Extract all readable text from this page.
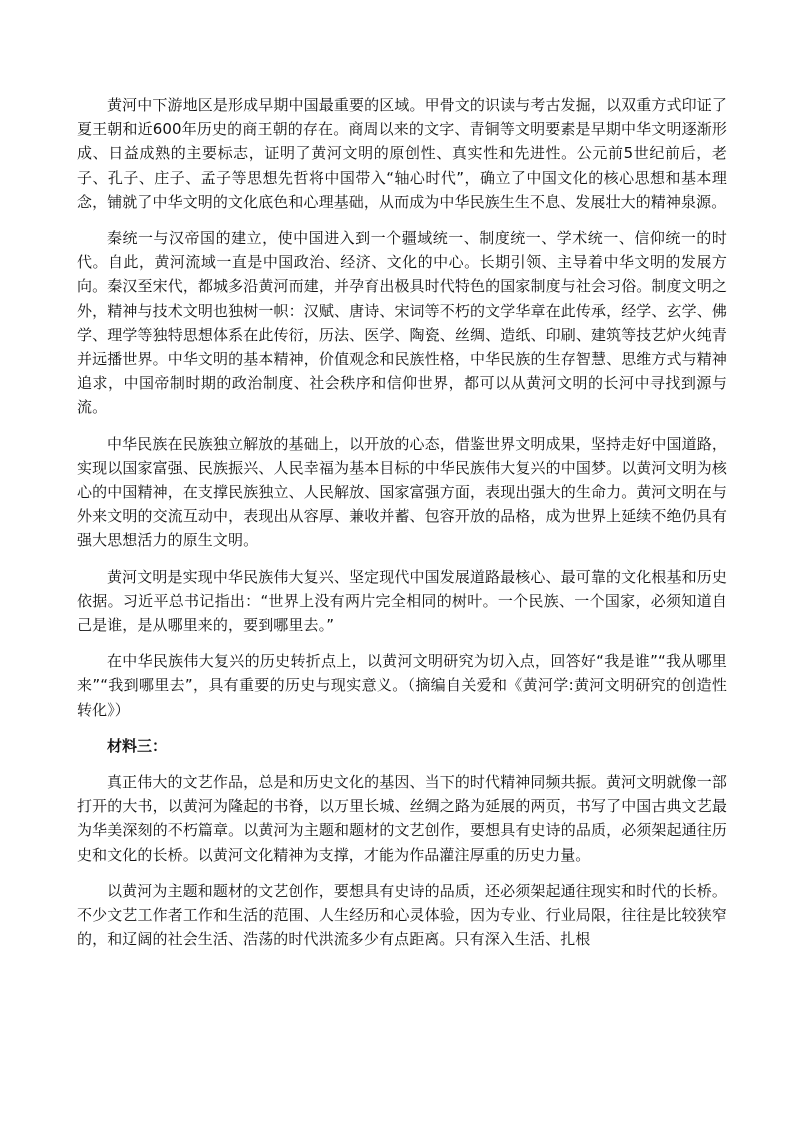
黄河中下游地区是形成早期中国最重要的区域。甲骨文的识读与考古发掘，以双重方式印证了夏王朝和近600年历史的商王朝的存在。商周以来的文字、青铜等文明要素是早期中华文明逐渐形成、日益成熟的主要标志，证明了黄河文明的原创性、真实性和先进性。公元前5世纪前后，老子、孔子、庄子、孟子等思想先哲将中国带入“轴心时代”，确立了中国文化的核心思想和基本理念，铺就了中华文明的文化底色和心理基础，从而成为中华民族生生不息、发展壮大的精神泉源。

秦统一与汉帝国的建立，使中国进入到一个疆域统一、制度统一、学术统一、信仰统一的时代。自此，黄河流域一直是中国政治、经济、文化的中心。长期引领、主导着中华文明的发展方向。秦汉至宋代，都城多沿黄河而建，并孕育出极具时代特色的国家制度与社会习俗。制度文明之外，精神与技术文明也独树一帜：汉赋、唐诗、宋词等不朽的文学华章在此传承，经学、玄学、佛学、理学等独特思想体系在此传衍，历法、医学、陶瓷、丝绸、造纸、印刷、建筑等技艺炉火纯青并远播世界。中华文明的基本精神，价值观念和民族性格，中华民族的生存智慧、思维方式与精神追求，中国帝制时期的政治制度、社会秩序和信仰世界，都可以从黄河文明的长河中寻找到源与流。

中华民族在民族独立解放的基础上，以开放的心态，借鉴世界文明成果，坚持走好中国道路，实现以国家富强、民族振兴、人民幸福为基本目标的中华民族伟大复兴的中国梦。以黄河文明为核心的中国精神，在支撑民族独立、人民解放、国家富强方面，表现出强大的生命力。黄河文明在与外来文明的交流互动中，表现出从容厚、兼收并蓄、包容开放的品格，成为世界上延续不绝仍具有强大思想活力的原生文明。

黄河文明是实现中华民族伟大复兴、坚定现代中国发展道路最核心、最可靠的文化根基和历史依据。习近平总书记指出：“世界上没有两片完全相同的树叶。一个民族、一个国家，必须知道自己是谁，是从哪里来的，要到哪里去。”

在中华民族伟大复兴的历史转折点上，以黄河文明研究为切入点，回答好“我是谁”“我从哪里来”“我到哪里去”，具有重要的历史与现实意义。（摘编自关爱和《黄河学:黄河文明研究的创造性转化》）

材料三：

真正伟大的文艺作品，总是和历史文化的基因、当下的时代精神同频共振。黄河文明就像一部打开的大书，以黄河为隆起的书脊，以万里长城、丝绸之路为延展的两页，书写了中国古典文艺最为华美深刻的不朽篇章。以黄河为主题和题材的文艺创作，要想具有史诗的品质，必须架起通往历史和文化的长桥。以黄河文化精神为支撑，才能为作品灌注厚重的历史力量。

以黄河为主题和题材的文艺创作，要想具有史诗的品质，还必须架起通往现实和时代的长桥。不少文艺工作者工作和生活的范围、人生经历和心灵体验，因为专业、行业局限，往往是比较狭窄的，和辽阔的社会生活、浩荡的时代洪流多少有点距离。只有深入生活、扎根
